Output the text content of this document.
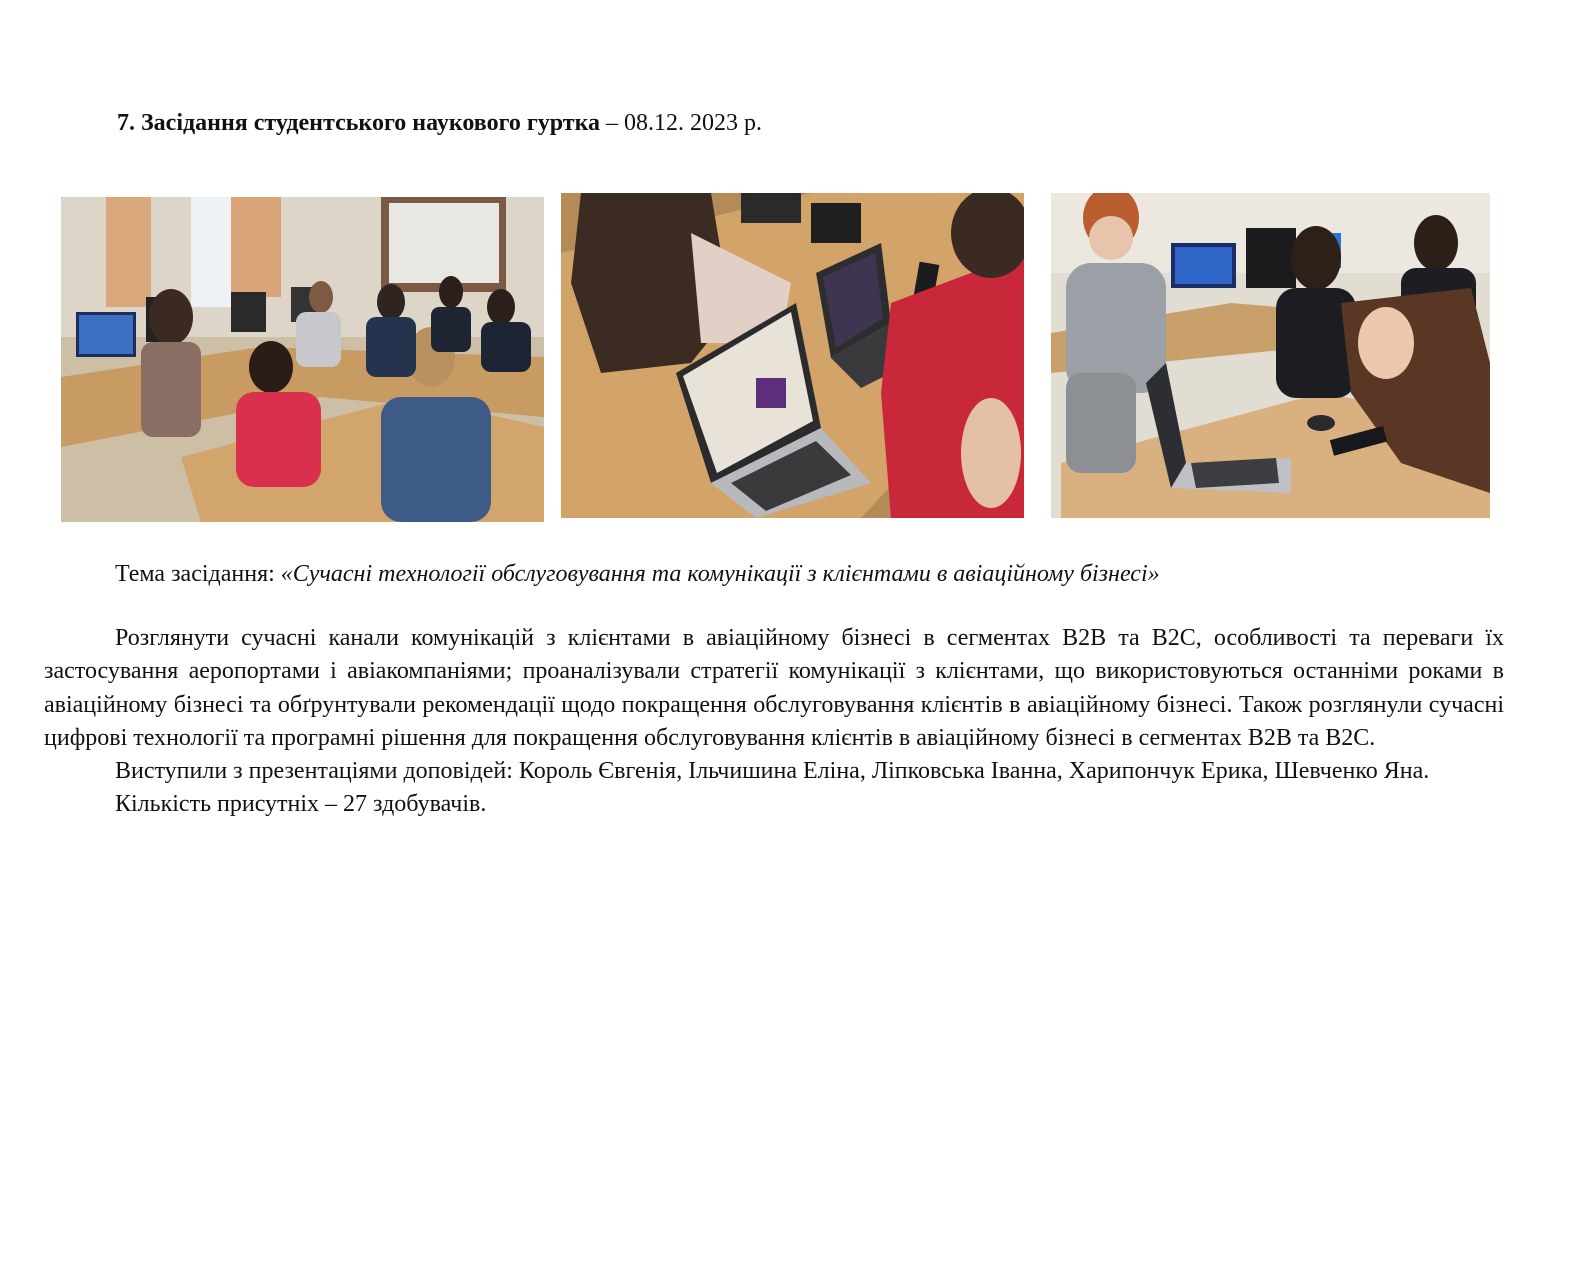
7. Засідання студентського наукового гуртка – 08.12. 2023 р.
Тема засідання: «Сучасні технології обслуговування та комунікації з клієнтами в авіаційному бізнесі»

Розглянути сучасні канали комунікацій з клієнтами в авіаційному бізнесі в сегментах В2В та В2С, особливості та переваги їх застосування аеропортами і авіакомпаніями; проаналізували стратегії комунікації з клієнтами, що використовуються останніми роками в авіаційному бізнесі та обґрунтували рекомендації щодо покращення обслуговування клієнтів в авіаційному бізнесі. Також розглянули сучасні цифрові технології та програмні рішення для покращення обслуговування клієнтів в авіаційному бізнесі в сегментах В2В та В2С.

Виступили з презентаціями доповідей: Король Євгенія, Ільчишина Еліна, Ліпковська Іванна, Харипончук Ерика, Шевченко Яна.

Кількість присутніх – 27 здобувачів.
